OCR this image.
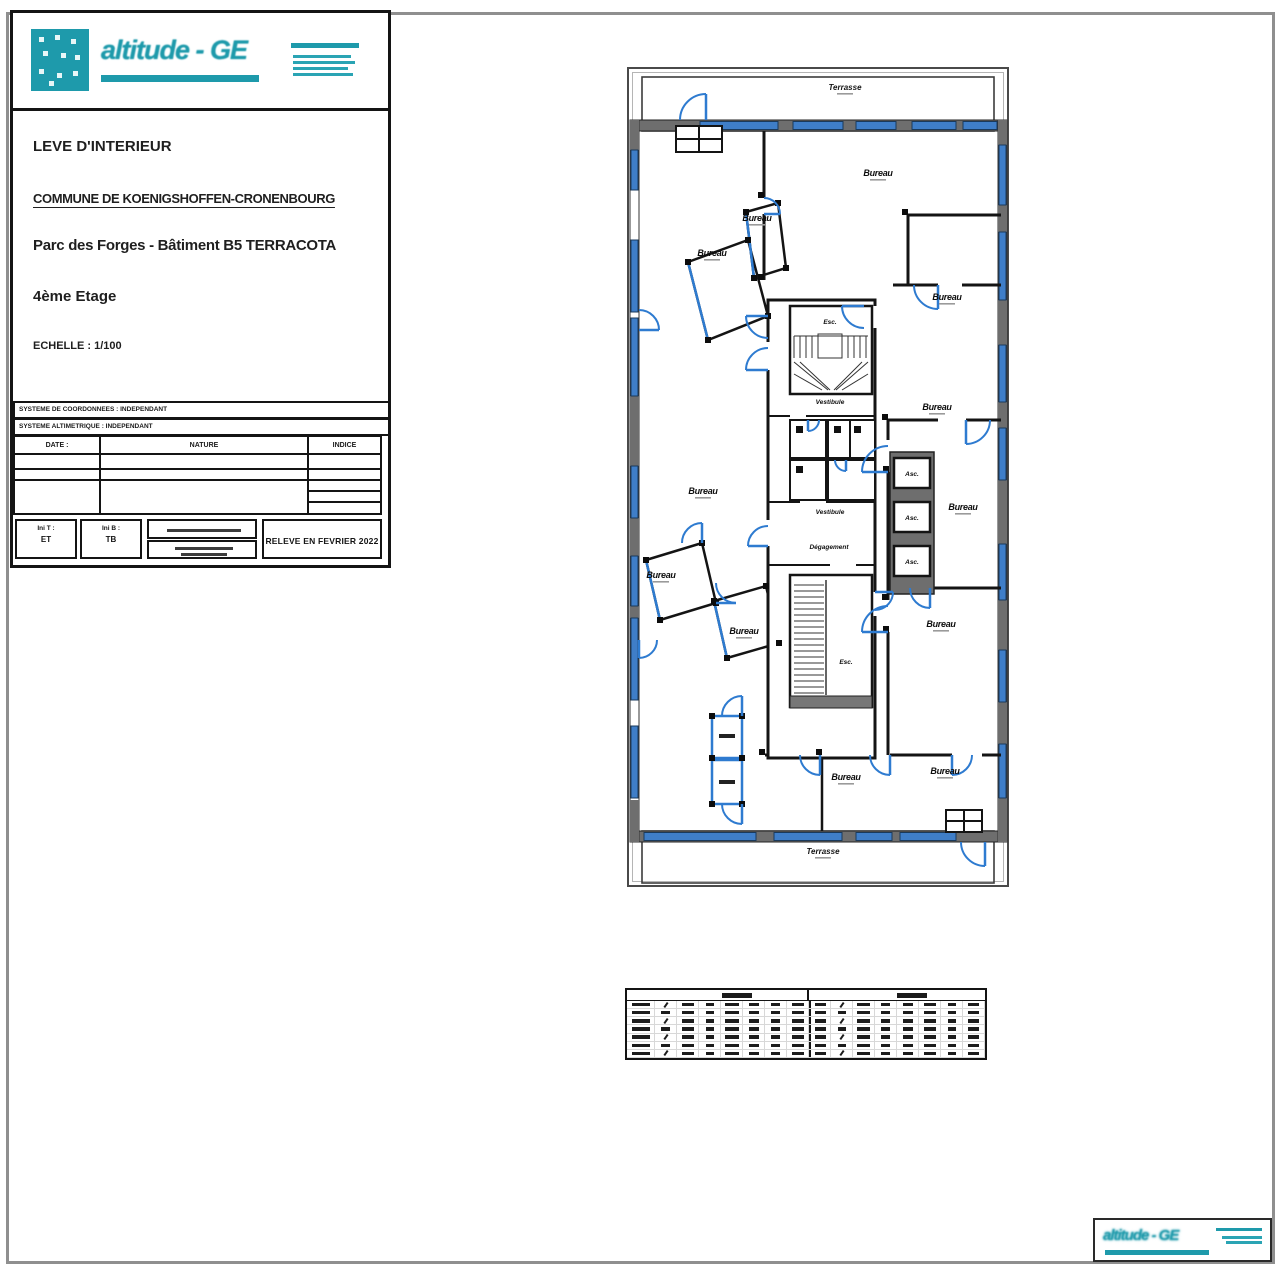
altitude - GE
LEVE D'INTERIEUR
COMMUNE DE KOENIGSHOFFEN-CRONENBOURG
Parc des Forges - Bâtiment B5 TERRACOTA
4ème Etage
ECHELLE : 1/100
SYSTEME DE COORDONNEES : INDEPENDANT
SYSTEME ALTIMETRIQUE : INDEPENDANT
DATE :	NATURE	INDICE
Ini T :
ET
Ini B :
TB	RELEVE EN FEVRIER 2022
Terrasse
Bureau
Bureau
Bureau
Bureau
Bureau
Esc.
Vestibule
Bureau
Vestibule
Dégagement
Asc.
Asc.
Asc.
Bureau
Bureau
Bureau
Esc.
Bureau
Bureau
Bureau
Terrasse
altitude - GE
